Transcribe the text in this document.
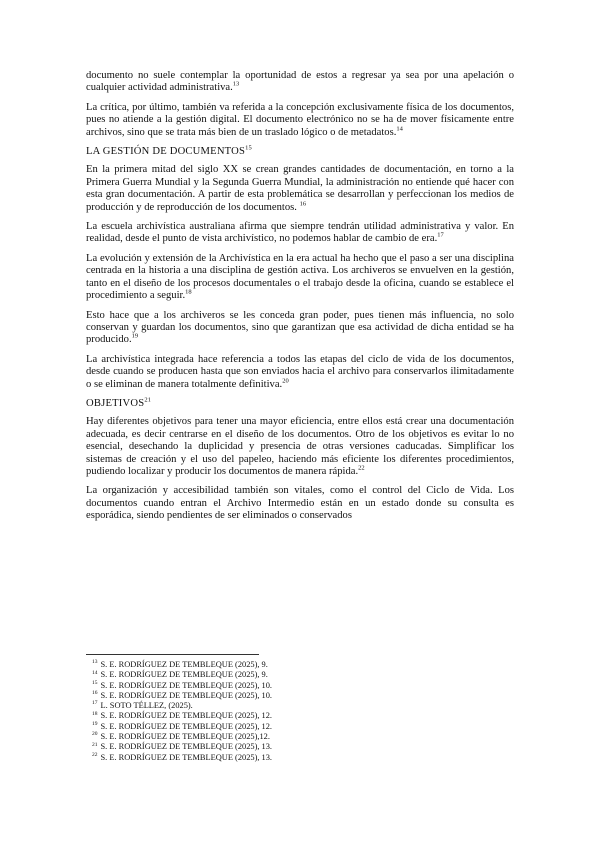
documento no suele contemplar la oportunidad de estos a regresar ya sea por una apelación o cualquier actividad administrativa.$^{13}$

La crítica, por último, también va referida a la concepción exclusivamente física de los documentos, pues no atiende a la gestión digital. El documento electrónico no se ha de mover físicamente entre archivos, sino que se trata más bien de un traslado lógico o de metadatos.$^{14}$

LA GESTIÓN DE DOCUMENTOS$^{15}$

En la primera mitad del siglo XX se crean grandes cantidades de documentación, en torno a la Primera Guerra Mundial y la Segunda Guerra Mundial, la administración no entiende qué hacer con esta gran documentación. A partir de esta problemática se desarrollan y perfeccionan los medios de producción y de reproducción de los documentos. $^{16}$

La escuela archivística australiana afirma que siempre tendrán utilidad administrativa y valor. En realidad, desde el punto de vista archivístico, no podemos hablar de cambio de era.$^{17}$

La evolución y extensión de la Archivística en la era actual ha hecho que el paso a ser una disciplina centrada en la historia a una disciplina de gestión activa. Los archiveros se envuelven en la gestión, tanto en el diseño de los procesos documentales o el trabajo desde la oficina, cuando se establece el procedimiento a seguir.$^{18}$

Esto hace que a los archiveros se les conceda gran poder, pues tienen más influencia, no solo conservan y guardan los documentos, sino que garantizan que esa actividad de dicha entidad se ha producido.$^{19}$

La archivística integrada hace referencia a todos las etapas del ciclo de vida de los documentos, desde cuando se producen hasta que son enviados hacia el archivo para conservarlos ilimitadamente o se eliminan de manera totalmente definitiva.$^{20}$

OBJETIVOS$^{21}$

Hay diferentes objetivos para tener una mayor eficiencia, entre ellos está crear una documentación adecuada, es decir centrarse en el diseño de los documentos. Otro de los objetivos es evitar lo no esencial, desechando la duplicidad y presencia de otras versiones caducadas. Simplificar los sistemas de creación y el uso del papeleo, haciendo más eficiente los diferentes procedimientos, pudiendo localizar y producir los documentos de manera rápida.$^{22}$

La organización y accesibilidad también son vitales, como el control del Ciclo de Vida. Los documentos cuando entran el Archivo Intermedio están en un estado donde su consulta es esporádica, siendo pendientes de ser eliminados o conservados

$^{13}$ S. E. RODRÍGUEZ DE TEMBLEQUE (2025), 9.
$^{14}$ S. E. RODRÍGUEZ DE TEMBLEQUE (2025), 9.
$^{15}$ S. E. RODRÍGUEZ DE TEMBLEQUE (2025), 10.
$^{16}$ S. E. RODRÍGUEZ DE TEMBLEQUE (2025), 10.
$^{17}$ L. SOTO TÉLLEZ, (2025).
$^{18}$ S. E. RODRÍGUEZ DE TEMBLEQUE (2025), 12.
$^{19}$ S. E. RODRÍGUEZ DE TEMBLEQUE (2025), 12.
$^{20}$ S. E. RODRÍGUEZ DE TEMBLEQUE (2025),12.
$^{21}$ S. E. RODRÍGUEZ DE TEMBLEQUE (2025), 13.
$^{22}$ S. E. RODRÍGUEZ DE TEMBLEQUE (2025), 13.
